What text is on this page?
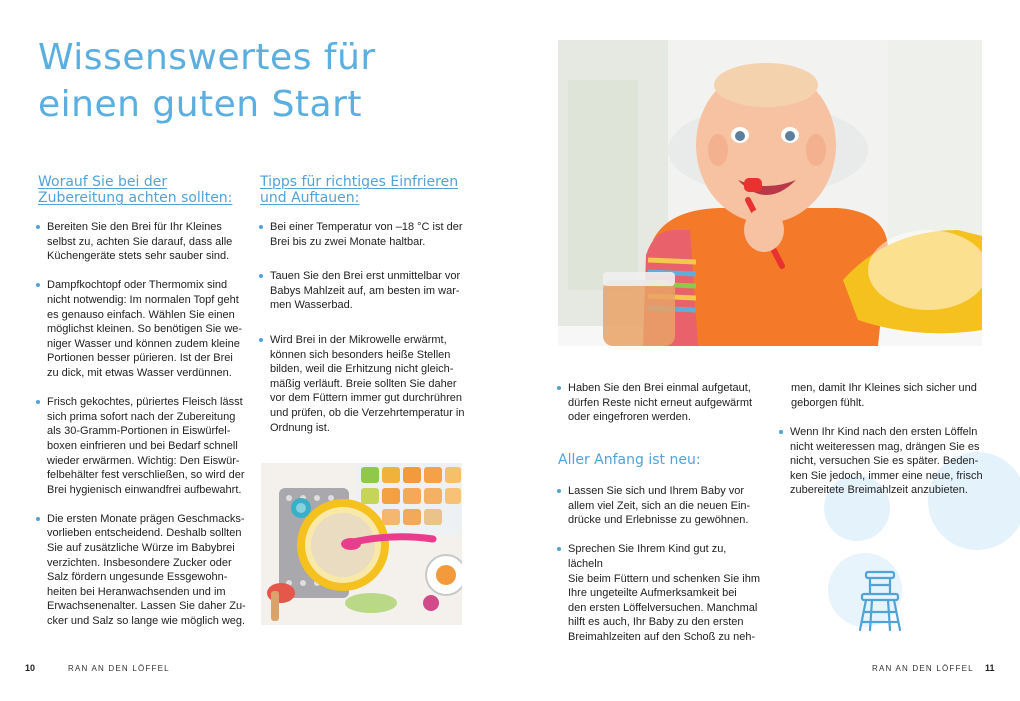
Wissenswertes für
einen guten Start
Worauf Sie bei der Zubereitung achten sollten:
Bereiten Sie den Brei für Ihr Kleines
selbst zu, achten Sie darauf, dass alle
Küchengeräte stets sehr sauber sind.
Dampfkochtopf oder Thermomix sind
nicht notwendig: Im normalen Topf geht
es genauso einfach. Wählen Sie einen
möglichst kleinen. So benötigen Sie we-
niger Wasser und können zudem kleine
Portionen besser pürieren. Ist der Brei
zu dick, mit etwas Wasser verdünnen.
Frisch gekochtes, püriertes Fleisch lässt
sich prima sofort nach der Zubereitung
als 30-Gramm-Portionen in Eiswürfel-
boxen einfrieren und bei Bedarf schnell
wieder erwärmen. Wichtig: Den Eiswür-
felbehälter fest verschließen, so wird der
Brei hygienisch einwandfrei aufbewahrt.
Die ersten Monate prägen Geschmacks-
vorlieben entscheidend. Deshalb sollten
Sie auf zusätzliche Würze im Babybrei
verzichten. Insbesondere Zucker oder
Salz fördern ungesunde Essgewohn-
heiten bei Heranwachsenden und im
Erwachsenenalter. Lassen Sie daher Zu-
cker und Salz so lange wie möglich weg.
Tipps für richtiges Einfrieren und Auftauen:
Bei einer Temperatur von –18 °C ist der
Brei bis zu zwei Monate haltbar.
Tauen Sie den Brei erst unmittelbar vor
Babys Mahlzeit auf, am besten im war-
men Wasserbad.
Wird Brei in der Mikrowelle erwärmt,
können sich besonders heiße Stellen
bilden, weil die Erhitzung nicht gleich-
mäßig verläuft. Breie sollten Sie daher
vor dem Füttern immer gut durchrühren
und prüfen, ob die Verzehrtemperatur in
Ordnung ist.
10	RAN AN DEN LÖFFEL
Haben Sie den Brei einmal aufgetaut,
dürfen Reste nicht erneut aufgewärmt
oder eingefroren werden.
Aller Anfang ist neu:
Lassen Sie sich und Ihrem Baby vor
allem viel Zeit, sich an die neuen Ein-
drücke und Erlebnisse zu gewöhnen.
Sprechen Sie Ihrem Kind gut zu, lächeln
Sie beim Füttern und schenken Sie ihm
Ihre ungeteilte Aufmerksamkeit bei
den ersten Löffelversuchen. Manchmal
hilft es auch, Ihr Baby zu den ersten
Breimahlzeiten auf den Schoß zu neh-

men, damit Ihr Kleines sich sicher und
geborgen fühlt.

Wenn Ihr Kind nach den ersten Löffeln
nicht weiteressen mag, drängen Sie es
nicht, versuchen Sie es später. Beden-
ken Sie jedoch, immer eine neue, frisch
zubereitete Breimahlzeit anzubieten.
RAN AN DEN LÖFFEL 11
